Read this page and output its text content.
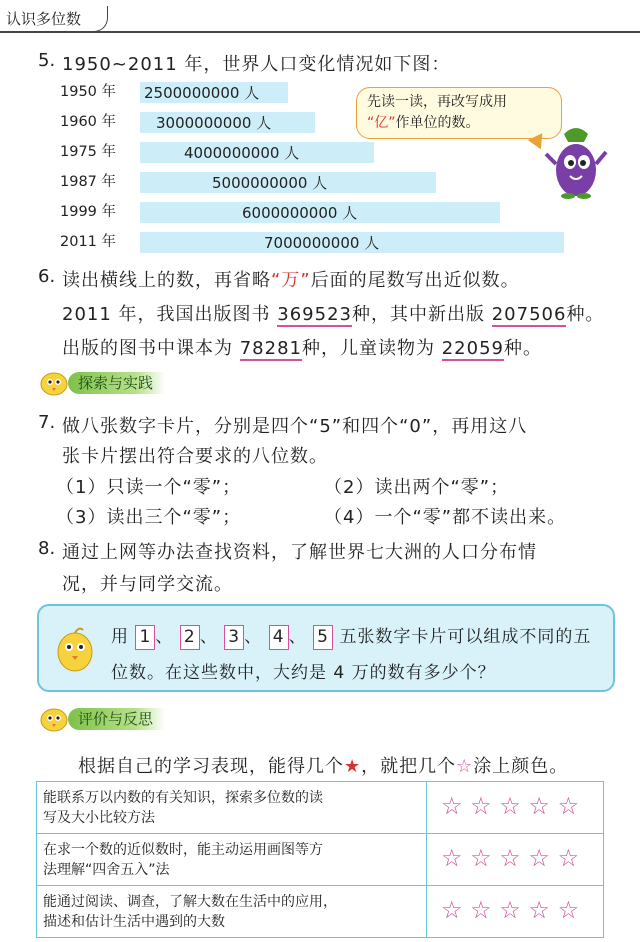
认识多位数
5. 1950~2011 年，世界人口变化情况如下图：
1950 年 2500000000 人
1960 年	3000000000 人
1975 年	4000000000 人
1987 年	5000000000 人
1999 年	6000000000 人
2011 年	7000000000 人
先读一读，再改写成用
“亿”作单位的数。
6. 读出横线上的数，再省略“万”后面的尾数写出近似数。
2011 年，我国出版图书 369523种，其中新出版 207506种。
出版的图书中课本为 78281种，儿童读物为 22059种。
探索与实践
7. 做八张数字卡片，分别是四个“5”和四个“0”，再用这八
张卡片摆出符合要求的八位数。
（1）只读一个“零”；	（2）读出两个“零”；
（3）读出三个“零”；	（4）一个“零”都不读出来。
8. 通过上网等办法查找资料，了解世界七大洲的人口分布情
况，并与同学交流。
用 1 、 2 、 3 、 4 、 5 五张数字卡片可以组成不同的五
位数。在这些数中，大约是 4 万的数有多少个？
评价与反思
根据自己的学习表现，能得几个★，就把几个☆涂上颜色。
能联系万以内数的有关知识，探索多位数的读
写及大小比较方法	☆ ☆ ☆ ☆ ☆

在求一个数的近似数时，能主动运用画图等方
法理解“四舍五入”法	☆ ☆ ☆ ☆ ☆

能通过阅读、调查，了解大数在生活中的应用，
描述和估计生活中遇到的大数	☆ ☆ ☆ ☆ ☆
